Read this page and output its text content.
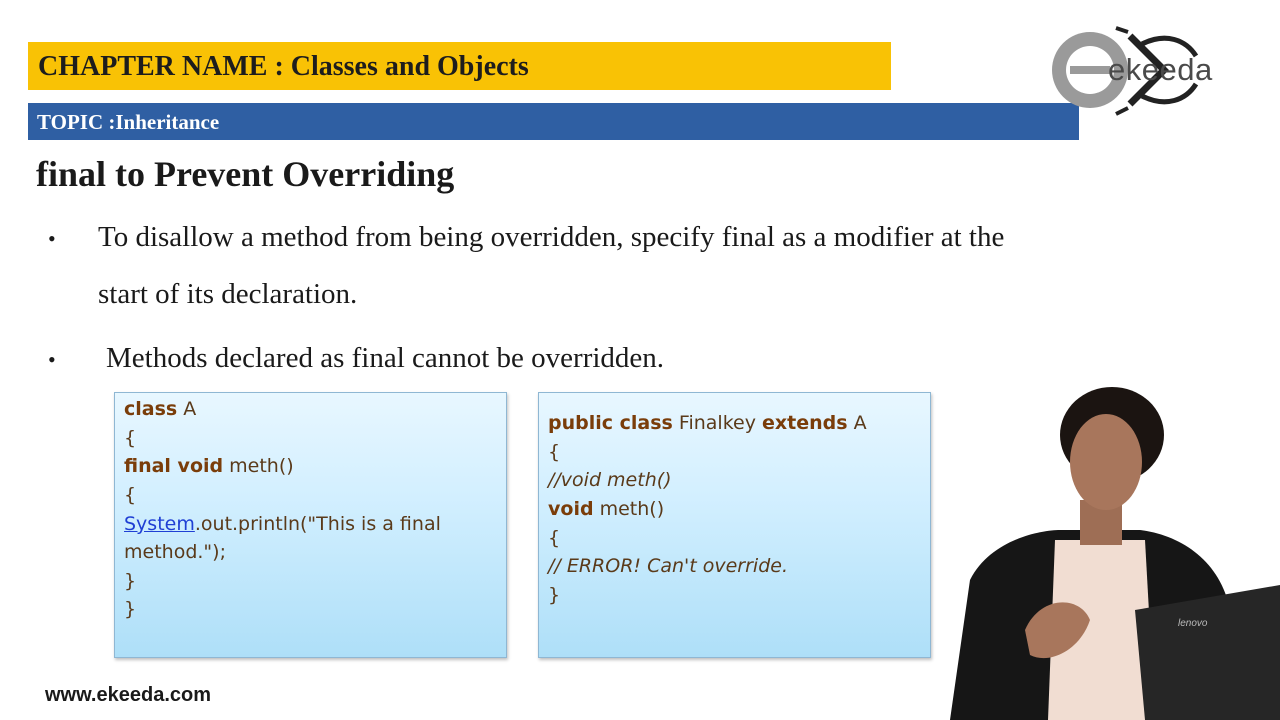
CHAPTER NAME : Classes and Objects
TOPIC :Inheritance
ekeeda
final to Prevent Overriding
• To disallow a method from being overridden, specify final as a modifier at the
start of its declaration.
• Methods declared as final cannot be overridden.
class A
{
final void meth()
{
System.out.println("This is a final
method.");
}
}
public class Finalkey extends A
{
//void meth()
void meth()
{
// ERROR! Can't override.
}
lenovo
www.ekeeda.com
